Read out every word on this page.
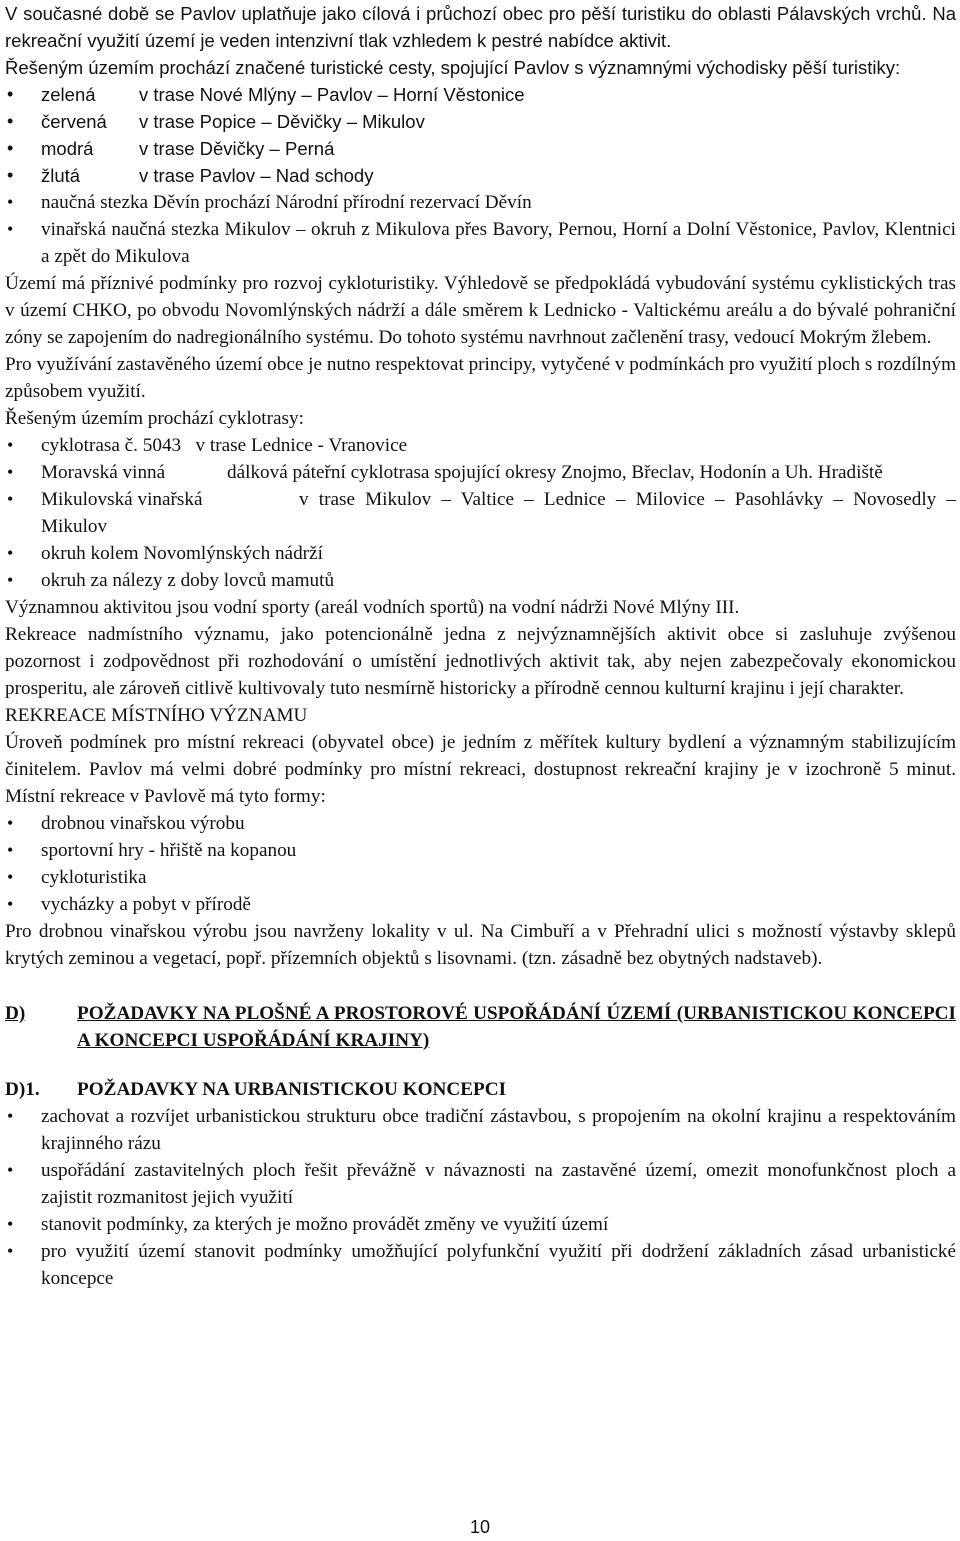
V současné době se Pavlov uplatňuje jako cílová i průchozí obec pro pěší turistiku do oblasti Pálavských vrchů. Na rekreační využití území je veden intenzivní tlak vzhledem k pestré nabídce aktivit.

Řešeným územím prochází značené turistické cesty, spojující Pavlov s významnými východisky pěší turistiky:

• zelená v trase Nové Mlýny – Pavlov – Horní Věstonice
• červená v trase Popice – Děvičky – Mikulov
• modrá v trase Děvičky – Perná
• žlutá	v trase Pavlov – Nad schody
• naučná stezka Děvín prochází Národní přírodní rezervací Děvín
• vinařská naučná stezka Mikulov – okruh z Mikulova přes Bavory, Pernou, Horní a Dolní Věstonice, Pavlov, Klentnici a zpět do Mikulova

Území má příznivé podmínky pro rozvoj cykloturistiky. Výhledově se předpokládá vybudování systému cyklistických tras v území CHKO, po obvodu Novomlýnských nádrží a dále směrem k Lednicko - Valtickému areálu a do bývalé pohraniční zóny se zapojením do nadregionálního systému. Do tohoto systému navrhnout začlenění trasy, vedoucí Mokrým žlebem.

Pro využívání zastavěného území obce je nutno respektovat principy, vytyčené v podmínkách pro využití ploch s rozdílným způsobem využití.

Řešeným územím prochází cyklotrasy:

• cyklotrasa č. 5043 v trase Lednice - Vranovice
• Moravská vinná	dálková páteřní cyklotrasa spojující okresy Znojmo, Břeclav, Hodonín a Uh. Hradiště
• Mikulovská vinařská	v trase Mikulov – Valtice – Lednice – Milovice – Pasohlávky – Novosedly – Mikulov
• okruh kolem Novomlýnských nádrží
• okruh za nálezy z doby lovců mamutů

Významnou aktivitou jsou vodní sporty (areál vodních sportů) na vodní nádrži Nové Mlýny III.

Rekreace nadmístního významu, jako potencionálně jedna z nejvýznamnějších aktivit obce si zasluhuje zvýšenou pozornost i zodpovědnost při rozhodování o umístění jednotlivých aktivit tak, aby nejen zabezpečovaly ekonomickou prosperitu, ale zároveň citlivě kultivovaly tuto nesmírně historicky a přírodně cennou kulturní krajinu i její charakter.

REKREACE MÍSTNÍHO VÝZNAMU

Úroveň podmínek pro místní rekreaci (obyvatel obce) je jedním z měřítek kultury bydlení a významným stabilizujícím činitelem. Pavlov má velmi dobré podmínky pro místní rekreaci, dostupnost rekreační krajiny je v izochroně 5 minut. Místní rekreace v Pavlově má tyto formy:

• drobnou vinařskou výrobu
• sportovní hry - hřiště na kopanou
• cykloturistika
• vycházky a pobyt v přírodě

Pro drobnou vinařskou výrobu jsou navrženy lokality v ul. Na Cimbuří a v Přehradní ulici s možností výstavby sklepů krytých zeminou a vegetací, popř. přízemních objektů s lisovnami. (tzn. zásadně bez obytných nadstaveb).

D)	POŽADAVKY NA PLOŠNÉ A PROSTOROVÉ USPOŘÁDÁNÍ ÚZEMÍ (URBANISTICKOU KONCEPCI A KONCEPCI USPOŘÁDÁNÍ KRAJINY)
D)1.	POŽADAVKY NA URBANISTICKOU KONCEPCI
• zachovat a rozvíjet urbanistickou strukturu obce tradiční zástavbou, s propojením na okolní krajinu a respektováním krajinného rázu
• uspořádání zastavitelných ploch řešit převážně v návaznosti na zastavěné území, omezit monofunkčnost ploch a zajistit rozmanitost jejich využití
• stanovit podmínky, za kterých je možno provádět změny ve využití území
• pro využití území stanovit podmínky umožňující polyfunkční využití při dodržení základních zásad urbanistické koncepce
10
